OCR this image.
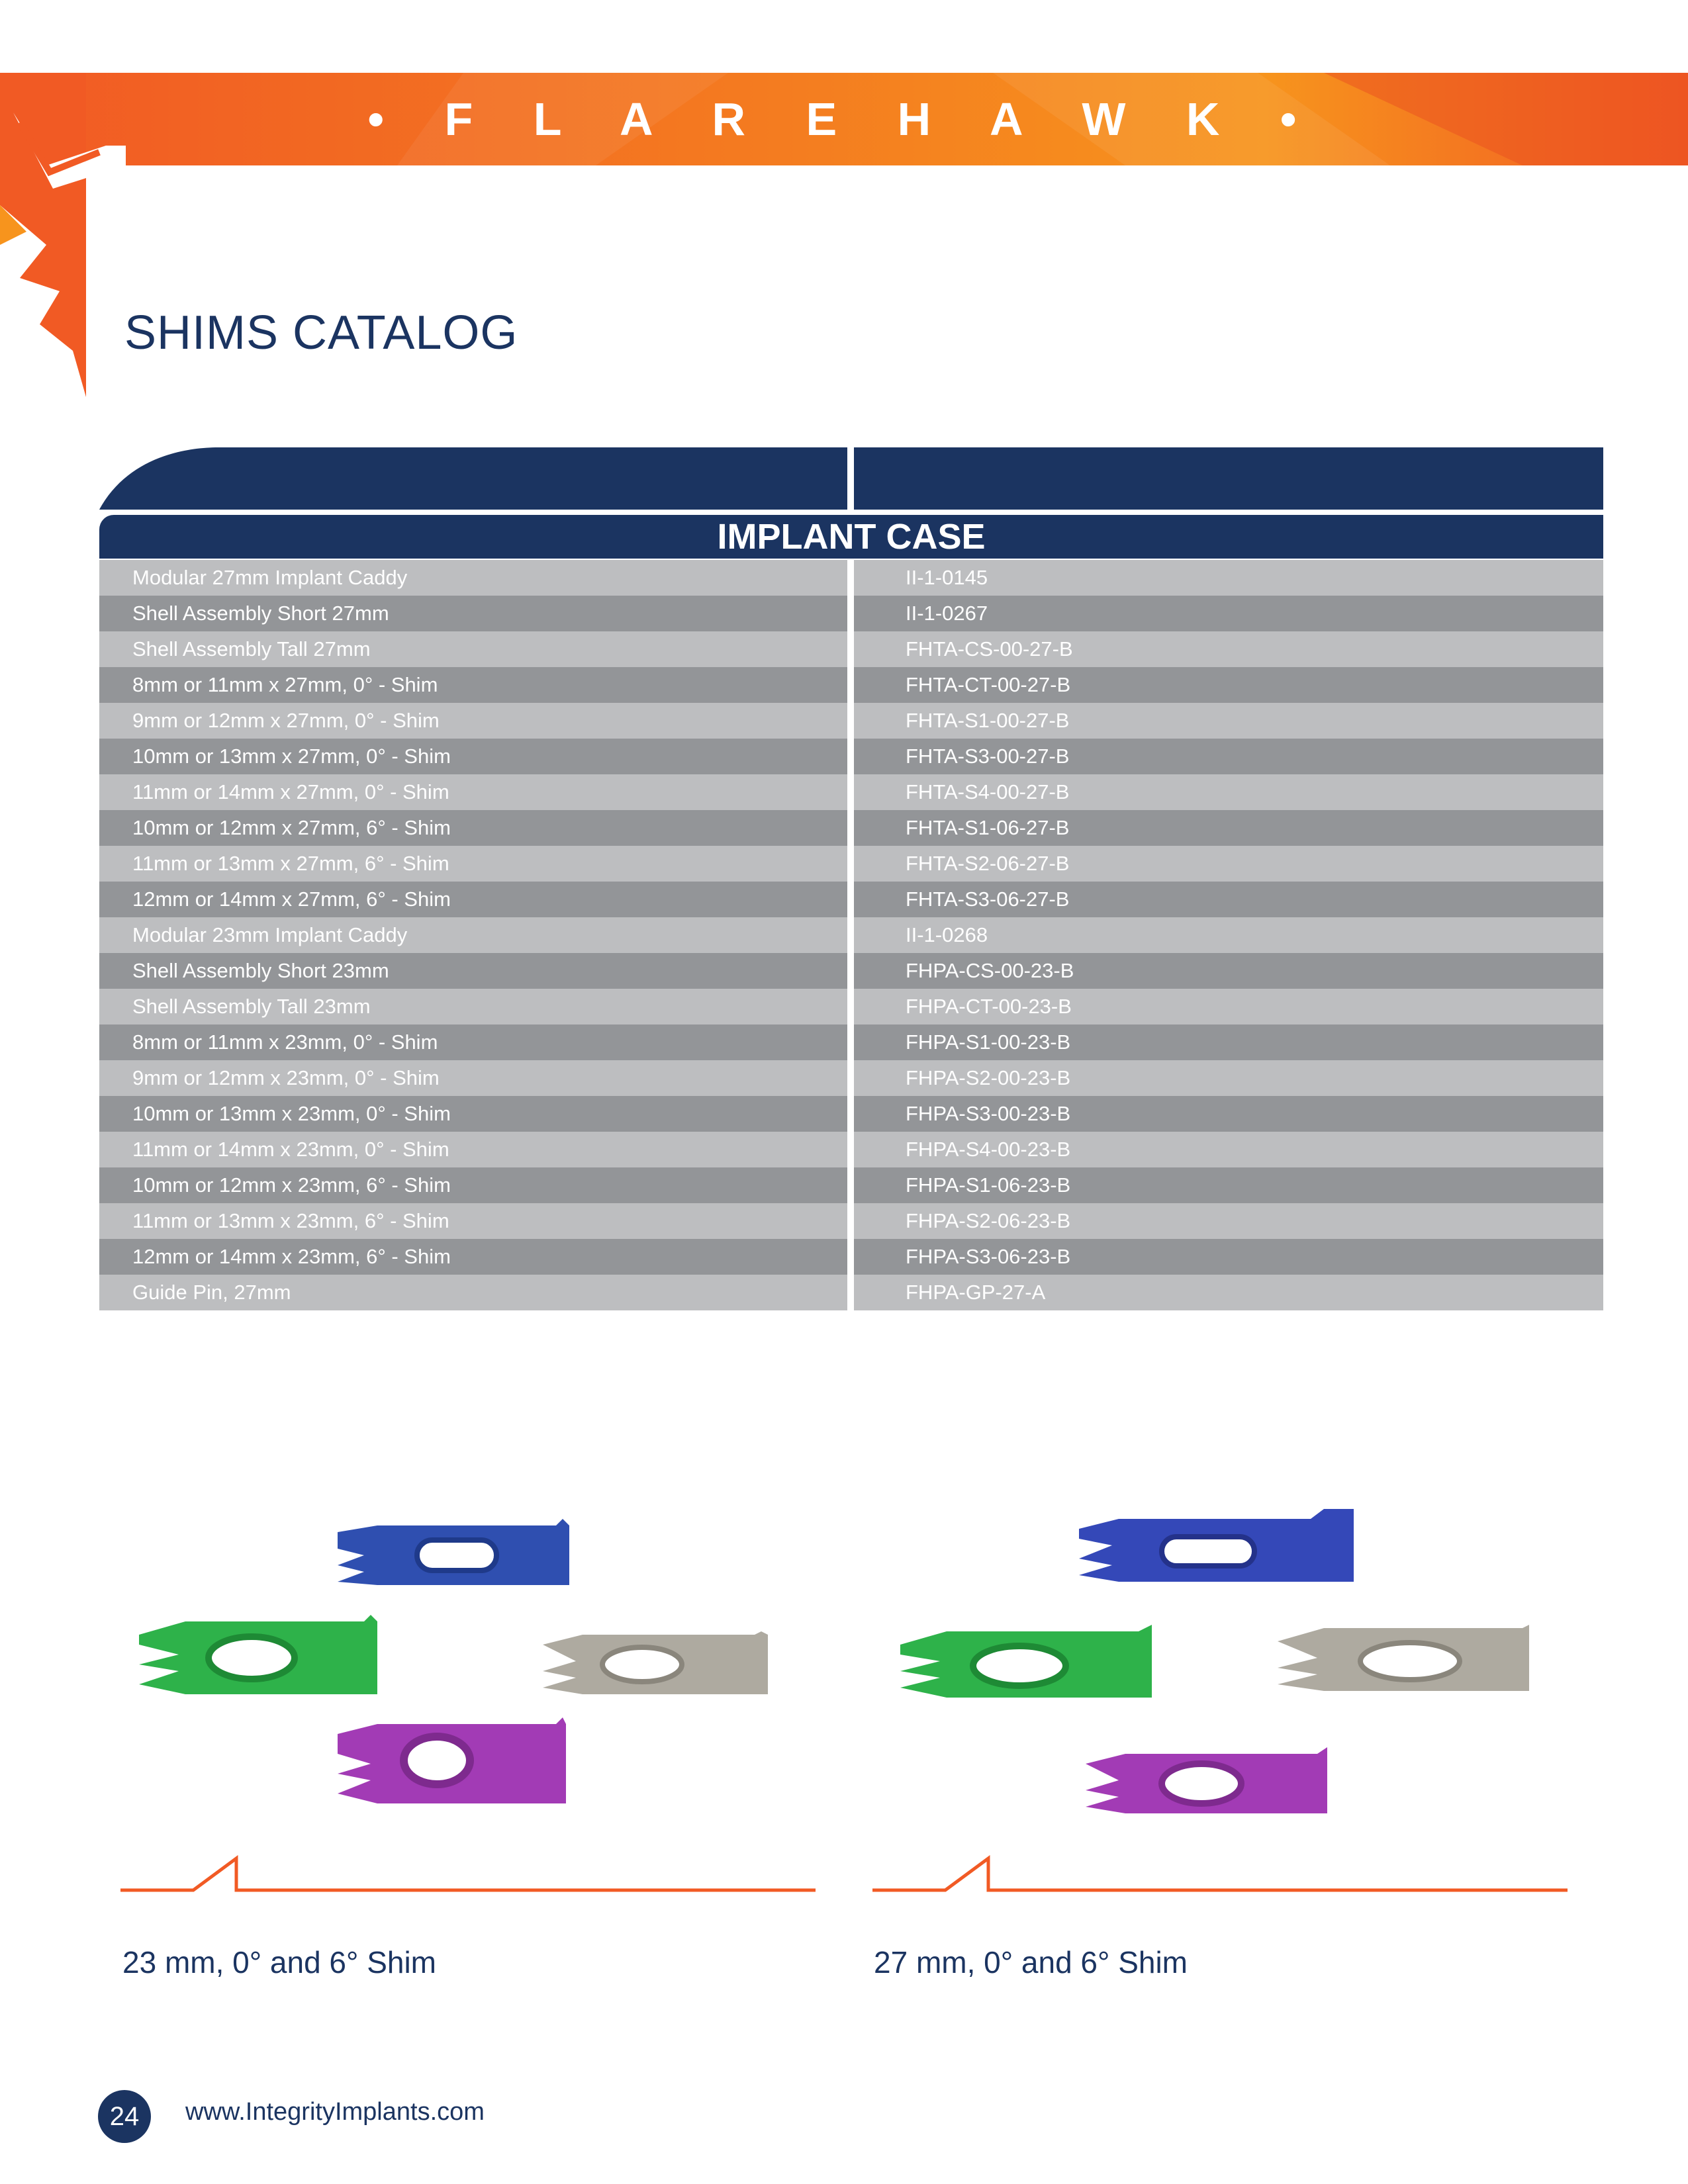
• F L A R E H A W K •
SHIMS CATALOG
Description	Catalog Number
IMPLANT CASE
Modular 27mm Implant Caddy	II-1-0145
Shell Assembly Short 27mm	II-1-0267
Shell Assembly Tall 27mm	FHTA-CS-00-27-B
8mm or 11mm x 27mm, 0° - Shim	FHTA-CT-00-27-B
9mm or 12mm x 27mm, 0° - Shim	FHTA-S1-00-27-B
10mm or 13mm x 27mm, 0° - Shim	FHTA-S3-00-27-B
11mm or 14mm x 27mm, 0° - Shim	FHTA-S4-00-27-B
10mm or 12mm x 27mm, 6° - Shim	FHTA-S1-06-27-B
11mm or 13mm x 27mm, 6° - Shim	FHTA-S2-06-27-B
12mm or 14mm x 27mm, 6° - Shim	FHTA-S3-06-27-B
Modular 23mm Implant Caddy	II-1-0268
Shell Assembly Short 23mm	FHPA-CS-00-23-B
Shell Assembly Tall 23mm	FHPA-CT-00-23-B
8mm or 11mm x 23mm, 0° - Shim	FHPA-S1-00-23-B
9mm or 12mm x 23mm, 0° - Shim	FHPA-S2-00-23-B
10mm or 13mm x 23mm, 0° - Shim	FHPA-S3-00-23-B
11mm or 14mm x 23mm, 0° - Shim	FHPA-S4-00-23-B
10mm or 12mm x 23mm, 6° - Shim	FHPA-S1-06-23-B
11mm or 13mm x 23mm, 6° - Shim	FHPA-S2-06-23-B
12mm or 14mm x 23mm, 6° - Shim	FHPA-S3-06-23-B
Guide Pin, 27mm	FHPA-GP-27-A
23 mm, 0° and 6° Shim	27 mm, 0° and 6° Shim
24	www.IntegrityImplants.com
